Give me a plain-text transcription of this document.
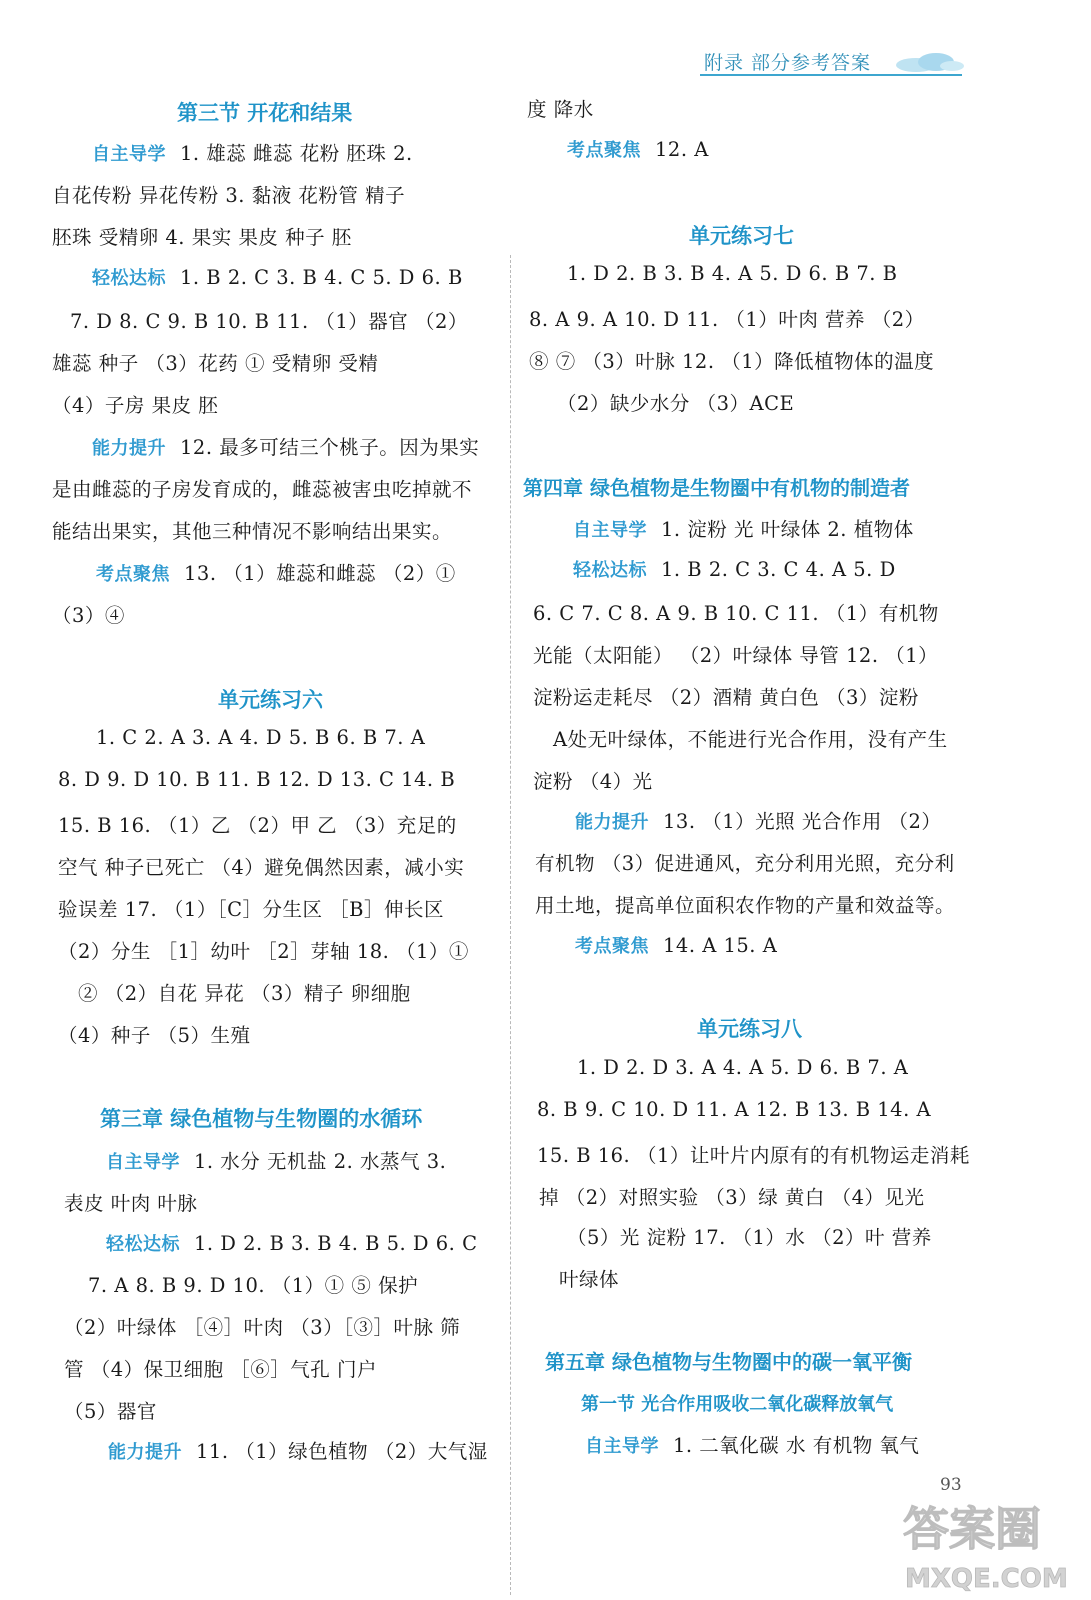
附录 部分参考答案
第三节 开花和结果
自主导学 1. 雄蕊 雌蕊 花粉 胚珠 2.
自花传粉 异花传粉 3. 黏液 花粉管 精子
胚珠 受精卵 4. 果实 果皮 种子 胚
轻松达标 1. B 2. C 3. B 4. C 5. D 6. B
7. D 8. C 9. B 10. B 11. （1）器官 （2）
雄蕊 种子 （3）花药 ① 受精卵 受精
（4）子房 果皮 胚
能力提升 12. 最多可结三个桃子。因为果实
是由雌蕊的子房发育成的，雌蕊被害虫吃掉就不
能结出果实，其他三种情况不影响结出果实。
考点聚焦 13. （1）雄蕊和雌蕊 （2）①
（3）④
单元练习六
1. C 2. A 3. A 4. D 5. B 6. B 7. A
8. D 9. D 10. B 11. B 12. D 13. C 14. B
15. B 16. （1）乙 （2）甲 乙 （3）充足的
空气 种子已死亡 （4）避免偶然因素，减小实
验误差 17. （1）［C］分生区 ［B］伸长区
（2）分生 ［1］幼叶 ［2］芽轴 18. （1）①
② （2）自花 异花 （3）精子 卵细胞
（4）种子 （5）生殖
第三章 绿色植物与生物圈的水循环
自主导学 1. 水分 无机盐 2. 水蒸气 3.
表皮 叶肉 叶脉
轻松达标 1. D 2. B 3. B 4. B 5. D 6. C
7. A 8. B 9. D 10. （1）① ⑤ 保护
（2）叶绿体 ［④］叶肉 （3）［③］叶脉 筛
管 （4）保卫细胞 ［⑥］气孔 门户
（5）器官
能力提升 11. （1）绿色植物 （2）大气湿
度 降水
考点聚焦 12. A
单元练习七
1. D 2. B 3. B 4. A 5. D 6. B 7. B
8. A 9. A 10. D 11. （1）叶肉 营养 （2）
⑧ ⑦ （3）叶脉 12. （1）降低植物体的温度
（2）缺少水分 （3）ACE
第四章 绿色植物是生物圈中有机物的制造者
自主导学 1. 淀粉 光 叶绿体 2. 植物体
轻松达标 1. B 2. C 3. C 4. A 5. D
6. C 7. C 8. A 9. B 10. C 11. （1）有机物
光能（太阳能） （2）叶绿体 导管 12. （1）
淀粉运走耗尽 （2）酒精 黄白色 （3）淀粉
A处无叶绿体，不能进行光合作用，没有产生
淀粉 （4）光
能力提升 13. （1）光照 光合作用 （2）
有机物 （3）促进通风，充分利用光照，充分利
用土地，提高单位面积农作物的产量和效益等。
考点聚焦 14. A 15. A
单元练习八
1. D 2. D 3. A 4. A 5. D 6. B 7. A
8. B 9. C 10. D 11. A 12. B 13. B 14. A
15. B 16. （1）让叶片内原有的有机物运走消耗
掉 （2）对照实验 （3）绿 黄白 （4）见光
（5）光 淀粉 17. （1）水 （2）叶 营养
叶绿体
第五章 绿色植物与生物圈中的碳一氧平衡
第一节 光合作用吸收二氧化碳释放氧气
自主导学 1. 二氧化碳 水 有机物 氧气
93
答案圈
MXQE.COM
